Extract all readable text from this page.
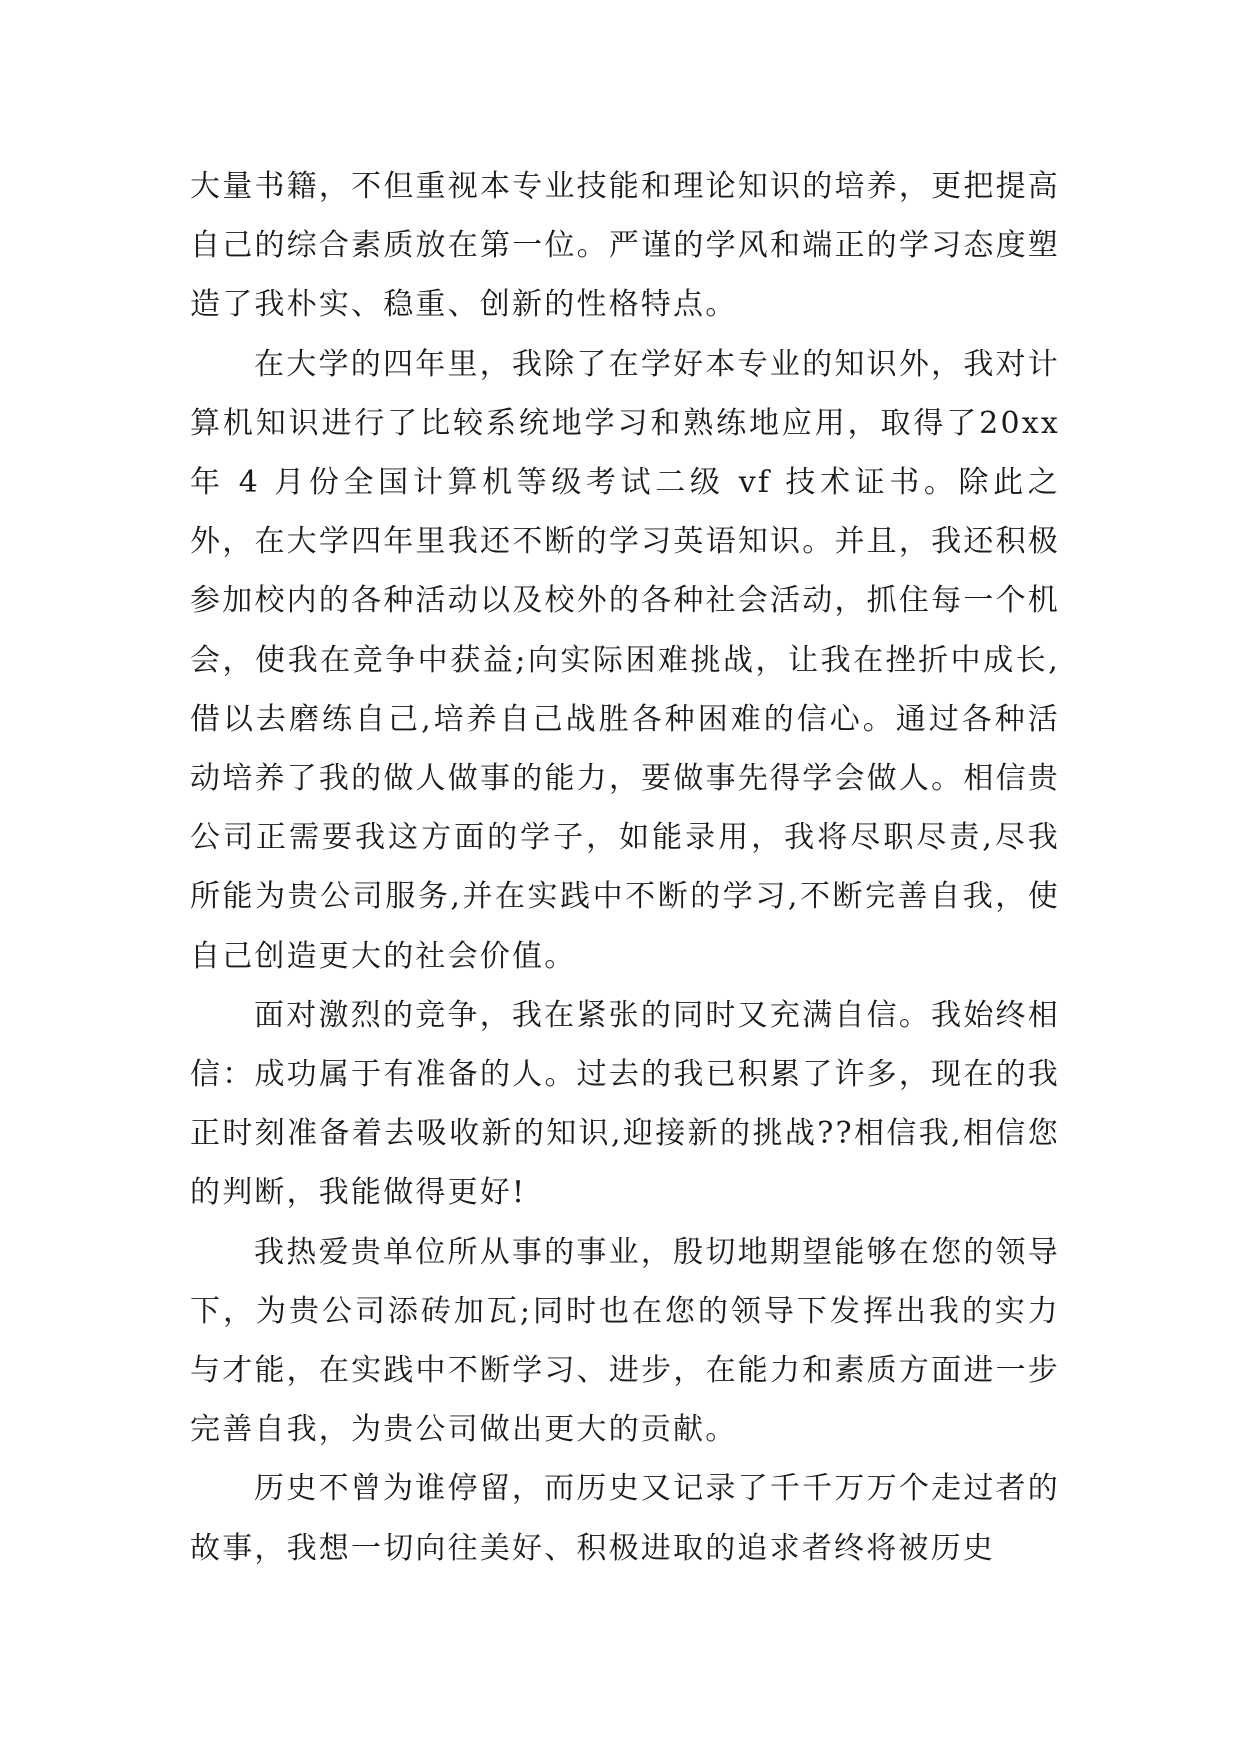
大量书籍，不但重视本专业技能和理论知识的培养，更把提高自己的综合素质放在第一位。严谨的学风和端正的学习态度塑造了我朴实、稳重、创新的性格特点。

在大学的四年里，我除了在学好本专业的知识外，我对计算机知识进行了比较系统地学习和熟练地应用，取得了20xx 年 4 月份全国计算机等级考试二级 vf 技术证书。除此之外，在大学四年里我还不断的学习英语知识。并且，我还积极参加校内的各种活动以及校外的各种社会活动，抓住每一个机会，使我在竞争中获益;向实际困难挑战，让我在挫折中成长,借以去磨练自己,培养自己战胜各种困难的信心。通过各种活动培养了我的做人做事的能力，要做事先得学会做人。相信贵公司正需要我这方面的学子，如能录用，我将尽职尽责,尽我所能为贵公司服务,并在实践中不断的学习,不断完善自我，使自己创造更大的社会价值。

面对激烈的竞争，我在紧张的同时又充满自信。我始终相信：成功属于有准备的人。过去的我已积累了许多，现在的我正时刻准备着去吸收新的知识,迎接新的挑战??相信我,相信您的判断，我能做得更好!

我热爱贵单位所从事的事业，殷切地期望能够在您的领导下，为贵公司添砖加瓦;同时也在您的领导下发挥出我的实力与才能，在实践中不断学习、进步，在能力和素质方面进一步完善自我，为贵公司做出更大的贡献。

历史不曾为谁停留，而历史又记录了千千万万个走过者的故事，我想一切向往美好、积极进取的追求者终将被历史
